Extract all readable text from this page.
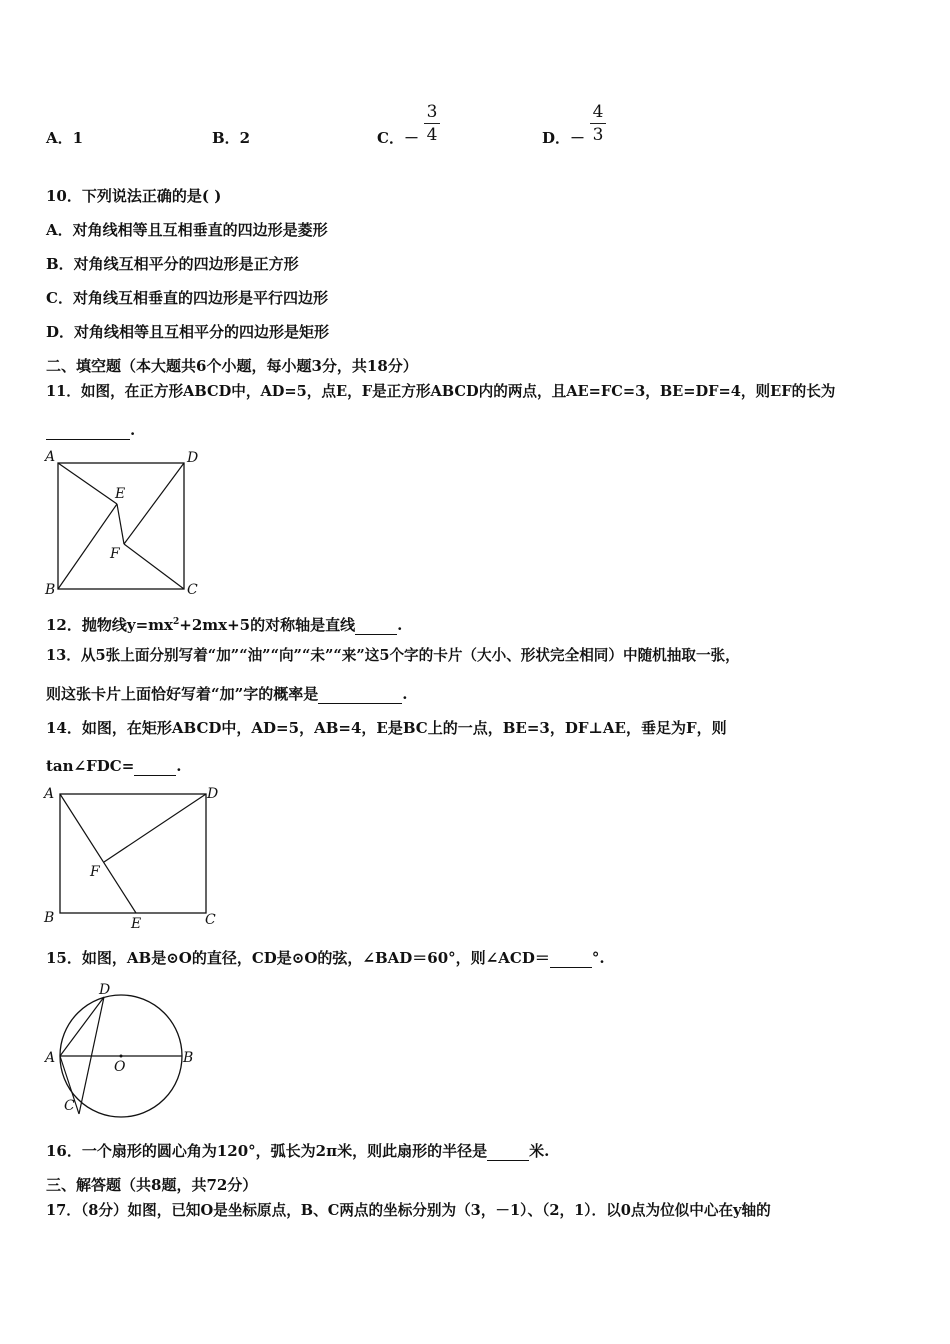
A．1	B．2	C．－
3
4	D．－
4
3
10．下列说法正确的是( )
A．对角线相等且互相垂直的四边形是菱形
B．对角线互相平分的四边形是正方形
C．对角线互相垂直的四边形是平行四边形
D．对角线相等且互相平分的四边形是矩形
二、填空题（本大题共6个小题，每小题3分，共18分）
11．如图，在正方形ABCD中，AD=5，点E，F是正方形ABCD内的两点，且AE=FC=3，BE=DF=4，则EF的长为
.
A	D
B	C
E
F
12．抛物线$y=mx^2+2mx+5$的对称轴是直线	.
13．从5张上面分别写着“加”“油”“向”“未”“来”这5个字的卡片（大小、形状完全相同）中随机抽取一张，
则这张卡片上面恰好写着“加”字的概率是	.
14．如图，在矩形ABCD中，AD=5，AB=4，E是BC上的一点，BE=3，DF⊥AE，垂足为F，则
tan∠FDC=	.
A	D
B	C
E
F
15．如图，AB是⊙O的直径，CD是⊙O的弦，∠BAD＝60°，则∠ACD＝	°.
D
A	B
O
C
16．一个扇形的圆心角为120°，弧长为2π米，则此扇形的半径是	米.
三、解答题（共8题，共72分）
17．（8分）如图，已知O是坐标原点，B、C两点的坐标分别为（3，－1）、（2，1）．以0点为位似中心在y轴的
